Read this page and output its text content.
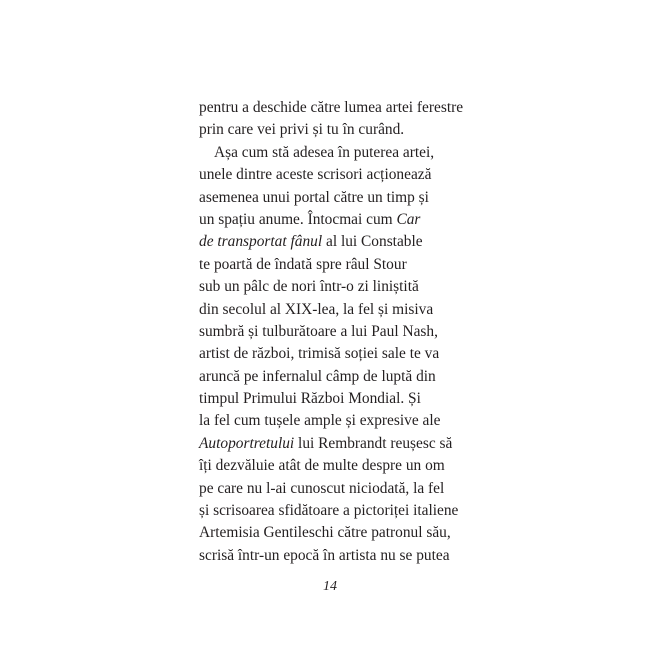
pentru a deschide către lumea artei ferestre
prin care vei privi și tu în curând.
Așa cum stă adesea în puterea artei,
unele dintre aceste scrisori acționează
asemenea unui portal către un timp și
un spațiu anume. Întocmai cum Car
de transportat fânul al lui Constable
te poartă de îndată spre râul Stour
sub un pâlc de nori într-o zi liniștită
din secolul al XIX-lea, la fel și misiva
sumbră și tulburătoare a lui Paul Nash,
artist de război, trimisă soției sale te va
aruncă pe infernalul câmp de luptă din
timpul Primului Război Mondial. Și
la fel cum tușele ample și expresive ale
Autoportretului lui Rembrandt reușesc să
îți dezvăluie atât de multe despre un om
pe care nu l-ai cunoscut niciodată, la fel
și scrisoarea sfidătoare a pictoriței italiene
Artemisia Gentileschi către patronul său,
scrisă într-un epocă în artista nu se putea
14
